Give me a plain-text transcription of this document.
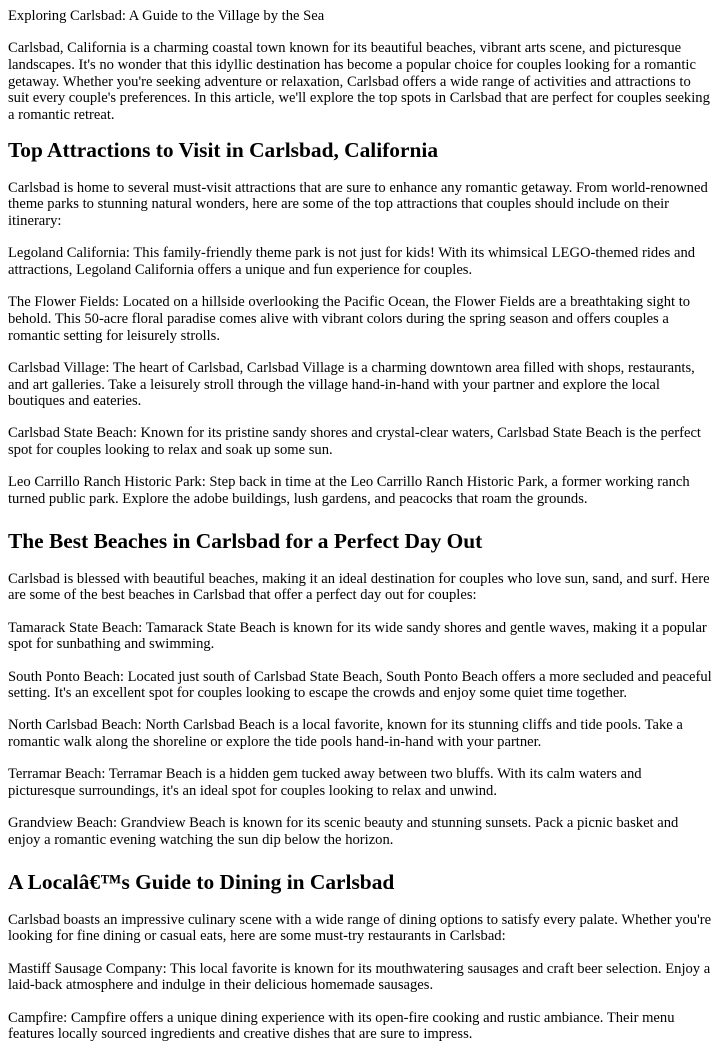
Exploring Carlsbad: A Guide to the Village by the Sea

Carlsbad, California is a charming coastal town known for its beautiful beaches, vibrant arts scene, and picturesque landscapes. It's no wonder that this idyllic destination has become a popular choice for couples looking for a romantic getaway. Whether you're seeking adventure or relaxation, Carlsbad offers a wide range of activities and attractions to suit every couple's preferences. In this article, we'll explore the top spots in Carlsbad that are perfect for couples seeking a romantic retreat.

Top Attractions to Visit in Carlsbad, California

Carlsbad is home to several must-visit attractions that are sure to enhance any romantic getaway. From world-renowned theme parks to stunning natural wonders, here are some of the top attractions that couples should include on their itinerary:

Legoland California: This family-friendly theme park is not just for kids! With its whimsical LEGO-themed rides and attractions, Legoland California offers a unique and fun experience for couples.

The Flower Fields: Located on a hillside overlooking the Pacific Ocean, the Flower Fields are a breathtaking sight to behold. This 50-acre floral paradise comes alive with vibrant colors during the spring season and offers couples a romantic setting for leisurely strolls.

Carlsbad Village: The heart of Carlsbad, Carlsbad Village is a charming downtown area filled with shops, restaurants, and art galleries. Take a leisurely stroll through the village hand-in-hand with your partner and explore the local boutiques and eateries.

Carlsbad State Beach: Known for its pristine sandy shores and crystal-clear waters, Carlsbad State Beach is the perfect spot for couples looking to relax and soak up some sun.

Leo Carrillo Ranch Historic Park: Step back in time at the Leo Carrillo Ranch Historic Park, a former working ranch turned public park. Explore the adobe buildings, lush gardens, and peacocks that roam the grounds.

The Best Beaches in Carlsbad for a Perfect Day Out

Carlsbad is blessed with beautiful beaches, making it an ideal destination for couples who love sun, sand, and surf. Here are some of the best beaches in Carlsbad that offer a perfect day out for couples:

Tamarack State Beach: Tamarack State Beach is known for its wide sandy shores and gentle waves, making it a popular spot for sunbathing and swimming.

South Ponto Beach: Located just south of Carlsbad State Beach, South Ponto Beach offers a more secluded and peaceful setting. It's an excellent spot for couples looking to escape the crowds and enjoy some quiet time together.

North Carlsbad Beach: North Carlsbad Beach is a local favorite, known for its stunning cliffs and tide pools. Take a romantic walk along the shoreline or explore the tide pools hand-in-hand with your partner.

Terramar Beach: Terramar Beach is a hidden gem tucked away between two bluffs. With its calm waters and picturesque surroundings, it's an ideal spot for couples looking to relax and unwind.

Grandview Beach: Grandview Beach is known for its scenic beauty and stunning sunsets. Pack a picnic basket and enjoy a romantic evening watching the sun dip below the horizon.

A Localâ€™s Guide to Dining in Carlsbad

Carlsbad boasts an impressive culinary scene with a wide range of dining options to satisfy every palate. Whether you're looking for fine dining or casual eats, here are some must-try restaurants in Carlsbad:

Mastiff Sausage Company: This local favorite is known for its mouthwatering sausages and craft beer selection. Enjoy a laid-back atmosphere and indulge in their delicious homemade sausages.

Campfire: Campfire offers a unique dining experience with its open-fire cooking and rustic ambiance. Their menu features locally sourced ingredients and creative dishes that are sure to impress.
